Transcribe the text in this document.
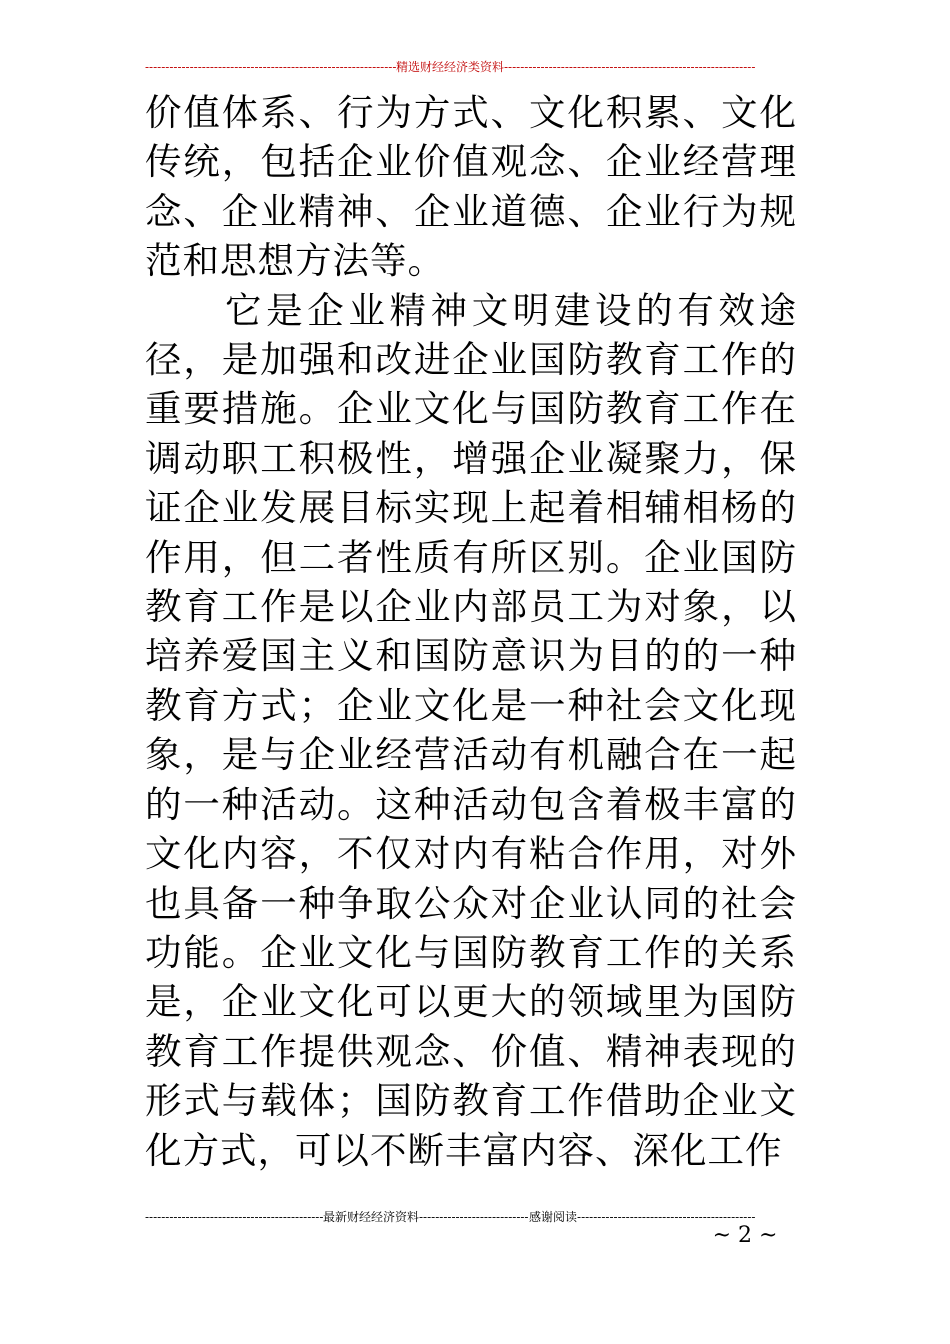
-----
精选财经经济类资料
-----

价值体系、行为方式、文化积累、文化传统，包括企业价值观念、企业经营理念、企业精神、企业道德、企业行为规范和思想方法等。

它是企业精神文明建设的有效途径，是加强和改进企业国防教育工作的重要措施。企业文化与国防教育工作在调动职工积极性，增强企业凝聚力，保证企业发展目标实现上起着相辅相杨的作用，但二者性质有所区别。企业国防教育工作是以企业内部员工为对象，以培养爱国主义和国防意识为目的的一种教育方式；企业文化是一种社会文化现象，是与企业经营活动有机融合在一起的一种活动。这种活动包含着极丰富的文化内容，不仅对内有粘合作用，对外也具备一种争取公众对企业认同的社会功能。企业文化与国防教育工作的关系是，企业文化可以更大的领域里为国防教育工作提供观念、价值、精神表现的形式与载体；国防教育工作借助企业文化方式，可以不断丰富内容、深化工作

-----
最新财经经济资料
-----	感谢阅读
-----
~ 2 ~
